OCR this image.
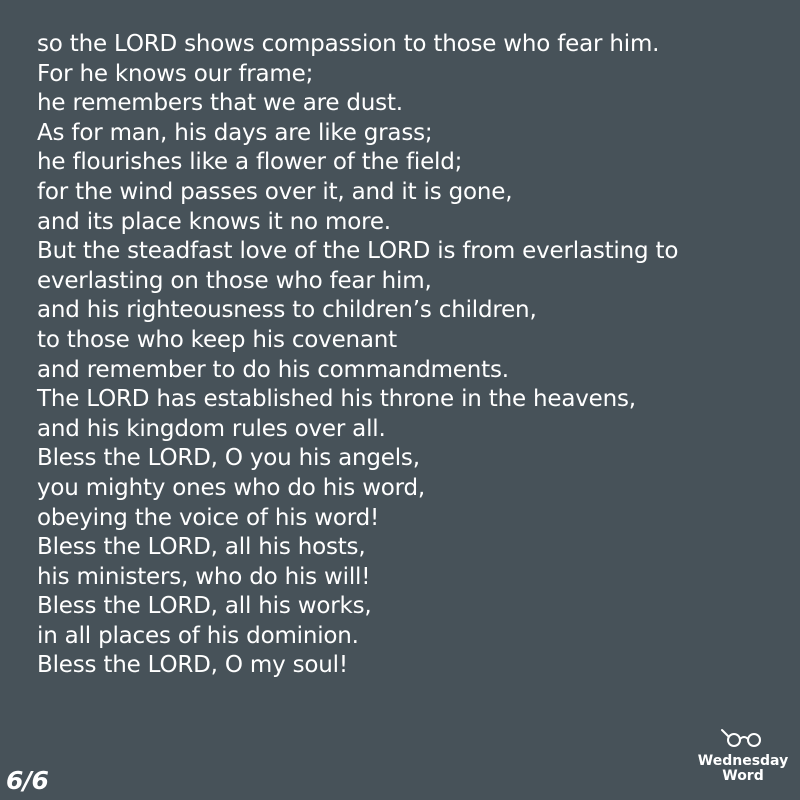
so the LORD shows compassion to those who fear him.
For he knows our frame;
he remembers that we are dust.
As for man, his days are like grass;
he flourishes like a flower of the field;
for the wind passes over it, and it is gone,
and its place knows it no more.
But the steadfast love of the LORD is from everlasting to
everlasting on those who fear him,
and his righteousness to children’s children,
to those who keep his covenant
and remember to do his commandments.
The LORD has established his throne in the heavens,
and his kingdom rules over all.
Bless the LORD, O you his angels,
you mighty ones who do his word,
obeying the voice of his word!
Bless the LORD, all his hosts,
his ministers, who do his will!
Bless the LORD, all his works,
in all places of his dominion.
Bless the LORD, O my soul!
6/6
Wednesday
Word
